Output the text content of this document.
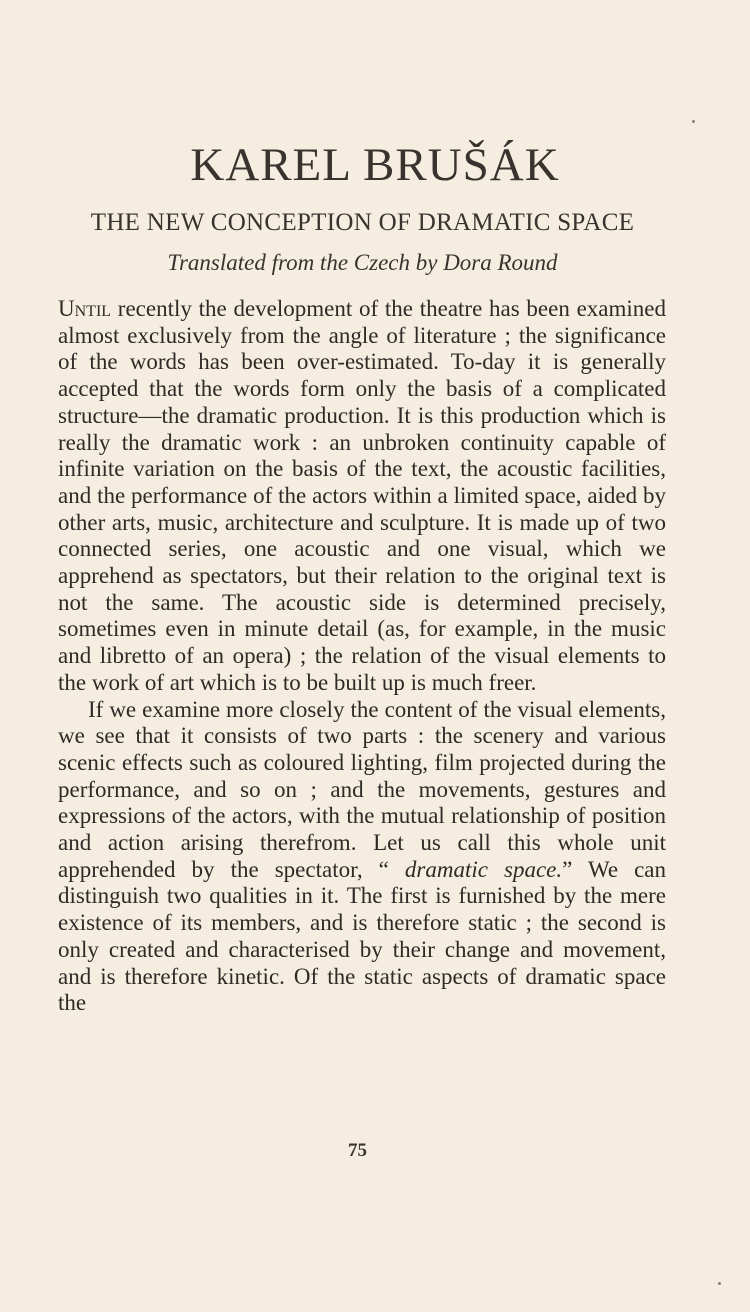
KAREL BRUŠÁK
THE NEW CONCEPTION OF DRAMATIC SPACE
Translated from the Czech by Dora Round

Until recently the development of the theatre has been examined almost exclusively from the angle of literature ; the significance of the words has been over-estimated. To-day it is generally accepted that the words form only the basis of a complicated structure—the dramatic production. It is this production which is really the dramatic work : an unbroken continuity capable of infinite variation on the basis of the text, the acoustic facilities, and the performance of the actors within a limited space, aided by other arts, music, architecture and sculpture. It is made up of two connected series, one acoustic and one visual, which we apprehend as spectators, but their relation to the original text is not the same. The acoustic side is determined precisely, sometimes even in minute detail (as, for example, in the music and libretto of an opera) ; the relation of the visual elements to the work of art which is to be built up is much freer.

If we examine more closely the content of the visual elements, we see that it consists of two parts : the scenery and various scenic effects such as coloured lighting, film projected during the performance, and so on ; and the movements, gestures and expressions of the actors, with the mutual relationship of position and action arising therefrom. Let us call this whole unit apprehended by the spectator, “ dramatic space.” We can distinguish two qualities in it. The first is furnished by the mere existence of its members, and is therefore static ; the second is only created and characterised by their change and movement, and is therefore kinetic. Of the static aspects of dramatic space the

75
